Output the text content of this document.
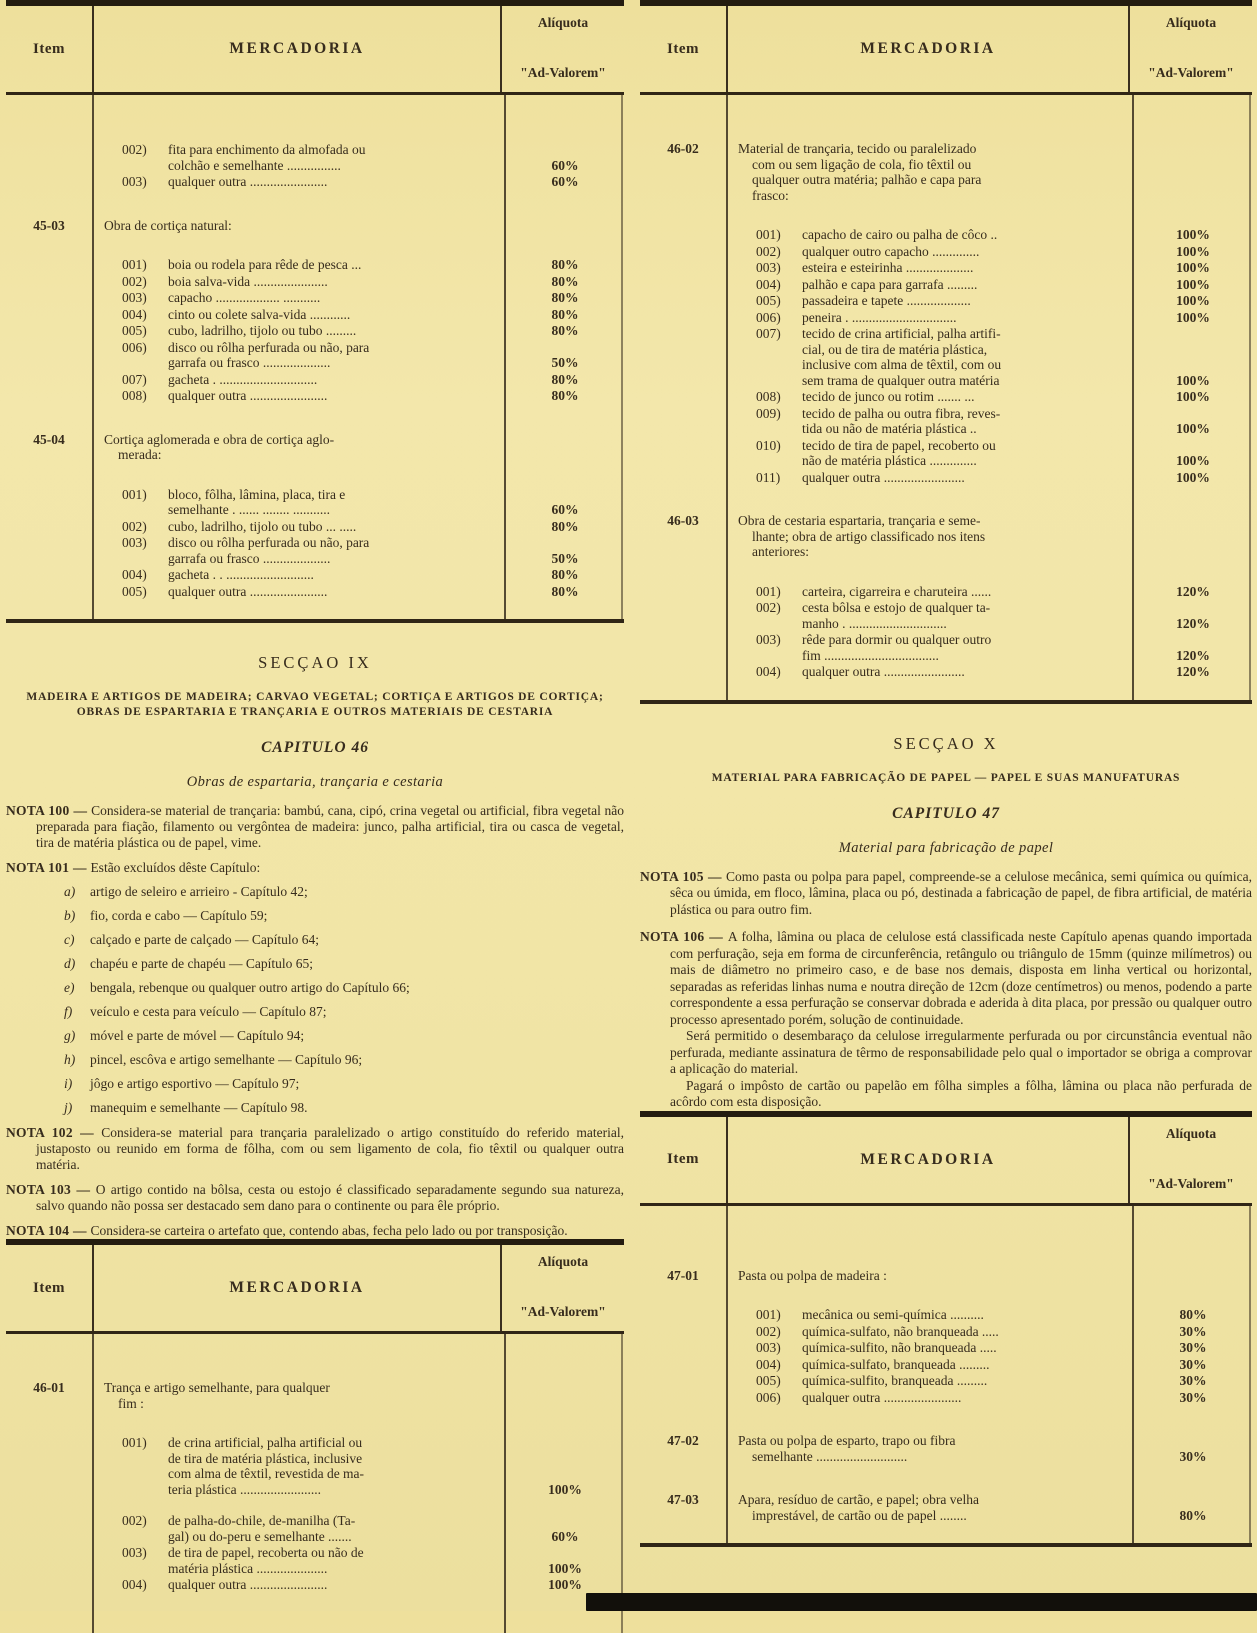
Item	MERCADORIA
Alíquota
"Ad-Valorem"
002) fita para enchimento da almofada ou
colchão e semelhante ................	60%
003) qualquer outra .......................	60%
45-03	Obra de cortiça natural:
001) boia ou rodela para rêde de pesca ...	80%
002) boia salva-vida ......................	80%
003) capacho ................... ...........	80%
004) cinto ou colete salva-vida ............	80%
005) cubo, ladrilho, tijolo ou tubo .........	80%
006) disco ou rôlha perfurada ou não, para
garrafa ou frasco ....................	50%
007) gacheta . .............................	80%
008) qualquer outra .......................	80%
45-04	Cortiça aglomerada e obra de cortiça aglo-
merada:
001) bloco, fôlha, lâmina, placa, tira e
semelhante . ...... ........ ...........	60%
002) cubo, ladrilho, tijolo ou tubo ... .....	80%
003) disco ou rôlha perfurada ou não, para
garrafa ou frasco ....................	50%
004) gacheta . . ..........................	80%
005) qualquer outra .......................	80%
SECÇAO IX
MADEIRA E ARTIGOS DE MADEIRA; CARVAO VEGETAL; CORTIÇA E ARTIGOS DE CORTIÇA;
OBRAS DE ESPARTARIA E TRANÇARIA E OUTROS MATERIAIS DE CESTARIA
CAPITULO 46
Obras de espartaria, trançaria e cestaria

NOTA 100 — Considera-se material de trançaria: bambú, cana, cipó, crina vegetal ou artificial, fibra vegetal não preparada para fiação, filamento ou vergôntea de madeira: junco, palha artificial, tira ou casca de vegetal, tira de matéria plástica ou de papel, vime.

NOTA 101 — Estão excluídos dêste Capítulo:

a) artigo de seleiro e arrieiro - Capítulo 42;
b) fio, corda e cabo — Capítulo 59;
c) calçado e parte de calçado — Capítulo 64;
d) chapéu e parte de chapéu — Capítulo 65;
e) bengala, rebenque ou qualquer outro artigo do Capítulo 66;
f) veículo e cesta para veículo — Capítulo 87;
g) móvel e parte de móvel — Capítulo 94;
h) pincel, escôva e artigo semelhante — Capítulo 96;
i) jôgo e artigo esportivo — Capítulo 97;
j) manequim e semelhante — Capítulo 98.

NOTA 102 — Considera-se material para trançaria paralelizado o artigo constituído do referido material, justaposto ou reunido em forma de fôlha, com ou sem ligamento de cola, fio têxtil ou qualquer outra matéria.

NOTA 103 — O artigo contido na bôlsa, cesta ou estojo é classificado separadamente segundo sua natureza, salvo quando não possa ser destacado sem dano para o continente ou para êle próprio.

NOTA 104 — Considera-se carteira o artefato que, contendo abas, fecha pelo lado ou por transposição.

Item	MERCADORIA
Alíquota
"Ad-Valorem"
46-01	Trança e artigo semelhante, para qualquer
fim :
001) de crina artificial, palha artificial ou
de tira de matéria plástica, inclusive
com alma de têxtil, revestida de ma-
teria plástica ........................	100%
002) de palha-do-chile, de-manilha (Ta-
gal) ou do-peru e semelhante .......	60%
003) de tira de papel, recoberta ou não de
matéria plástica .....................	100%
004) qualquer outra .......................	100%
Item	MERCADORIA
Alíquota
"Ad-Valorem"
46-02	Material de trançaria, tecido ou paralelizado
com ou sem ligação de cola, fio têxtil ou
qualquer outra matéria; palhão e capa para
frasco:
001) capacho de cairo ou palha de côco ..	100%
002) qualquer outro capacho ..............	100%
003) esteira e esteirinha ....................	100%
004) palhão e capa para garrafa .........	100%
005) passadeira e tapete ...................	100%
006) peneira . ...............................	100%
007) tecido de crina artificial, palha artifi-
cial, ou de tira de matéria plástica,
inclusive com alma de têxtil, com ou
sem trama de qualquer outra matéria	100%
008) tecido de junco ou rotim ....... ...	100%
009) tecido de palha ou outra fibra, reves-
tida ou não de matéria plástica ..	100%
010) tecido de tira de papel, recoberto ou
não de matéria plástica ..............	100%
011) qualquer outra ........................	100%
46-03	Obra de cestaria espartaria, trançaria e seme-
lhante; obra de artigo classificado nos itens
anteriores:
001) carteira, cigarreira e charuteira ......	120%
002) cesta bôlsa e estojo de qualquer ta-
manho . .............................	120%
003) rêde para dormir ou qualquer outro
fim ..................................	120%
004) qualquer outra ........................	120%
SECÇAO X
MATERIAL PARA FABRICAÇÃO DE PAPEL — PAPEL E SUAS MANUFATURAS
CAPITULO 47
Material para fabricação de papel

NOTA 105 — Como pasta ou polpa para papel, compreende-se a celulose mecânica, semi química ou química, sêca ou úmida, em floco, lâmina, placa ou pó, destinada a fabricação de papel, de fibra artificial, de matéria plástica ou para outro fim.

NOTA 106 — A folha, lâmina ou placa de celulose está classificada neste Capítulo apenas quando importada com perfuração, seja em forma de circunferência, retângulo ou triângulo de 15mm (quinze milímetros) ou mais de diâmetro no primeiro caso, e de base nos demais, disposta em linha vertical ou horizontal, separadas as referidas linhas numa e noutra direção de 12cm (doze centímetros) ou menos, podendo a parte correspondente a essa perfuração se conservar dobrada e aderida à dita placa, por pressão ou qualquer outro processo apresentado porém, solução de continuidade.

Será permitido o desembaraço da celulose irregularmente perfurada ou por circunstância eventual não perfurada, mediante assinatura de têrmo de responsabilidade pelo qual o importador se obriga a comprovar a aplicação do material.

Pagará o impôsto de cartão ou papelão em fôlha simples a fôlha, lâmina ou placa não perfurada de acôrdo com esta disposição.

Item	MERCADORIA
Alíquota
"Ad-Valorem"
47-01	Pasta ou polpa de madeira :
001) mecânica ou semi-química ..........	80%
002) química-sulfato, não branqueada .....	30%
003) química-sulfito, não branqueada .....	30%
004) química-sulfato, branqueada .........	30%
005) química-sulfito, branqueada .........	30%
006) qualquer outra .......................	30%
47-02	Pasta ou polpa de esparto, trapo ou fibra
semelhante ...........................	30%
47-03	Apara, resíduo de cartão, e papel; obra velha
imprestável, de cartão ou de papel ........	80%
